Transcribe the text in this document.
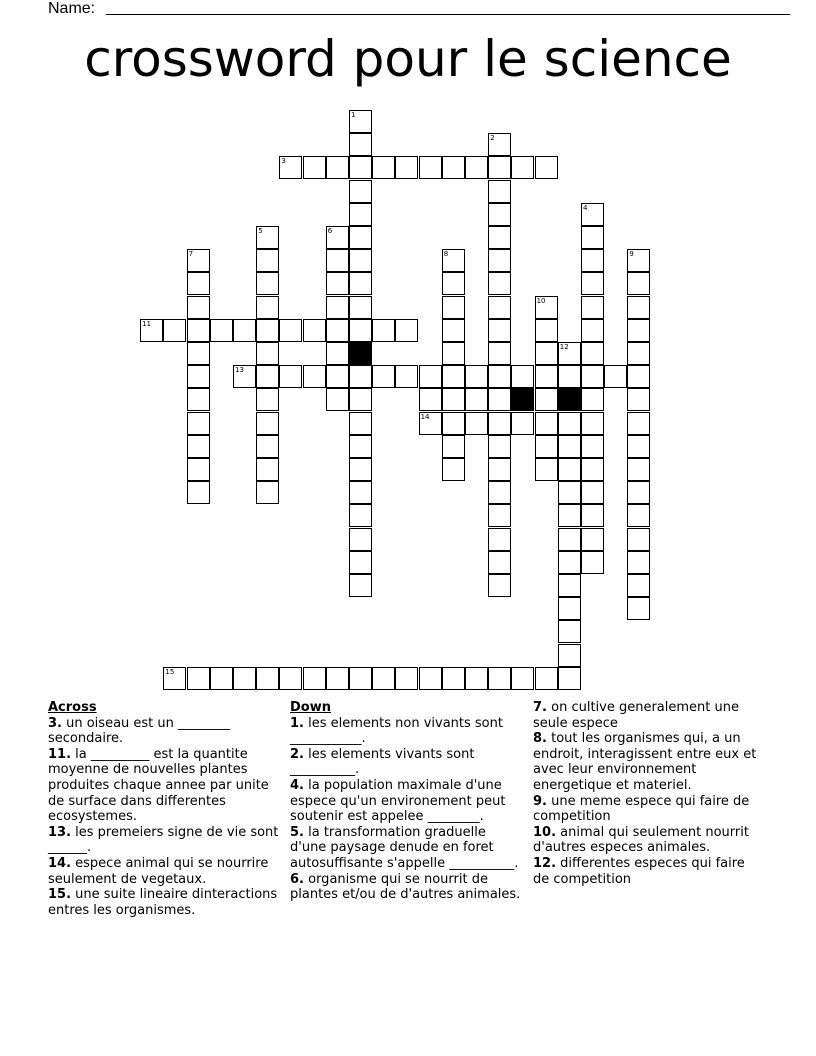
Name:
crossword pour le science
1
2
3
4
5	6
7	8	9
10
11
12
13
14
15
Across

3. un oiseau est un ________ secondaire.

11. la _________ est la quantite moyenne de nouvelles plantes produites chaque annee par unite de surface dans differentes ecosystemes.

13. les premeiers signe de vie sont ______.

14. espece animal qui se nourrire seulement de vegetaux.

15. une suite lineaire dinteractions entres les organismes.

Down

1. les elements non vivants sont ___________.

2. les elements vivants sont __________.

4. la population maximale d'une espece qu'un environement peut soutenir est appelee ________.

5. la transformation graduelle d'une paysage denude en foret autosuffisante s'appelle __________.

6. organisme qui se nourrit de plantes et/ou de d'autres animales.

7. on cultive generalement une seule espece

8. tout les organismes qui, a un endroit, interagissent entre eux et avec leur environnement energetique et materiel.

9. une meme espece qui faire de competition

10. animal qui seulement nourrit d'autres especes animales.

12. differentes especes qui faire de competition
